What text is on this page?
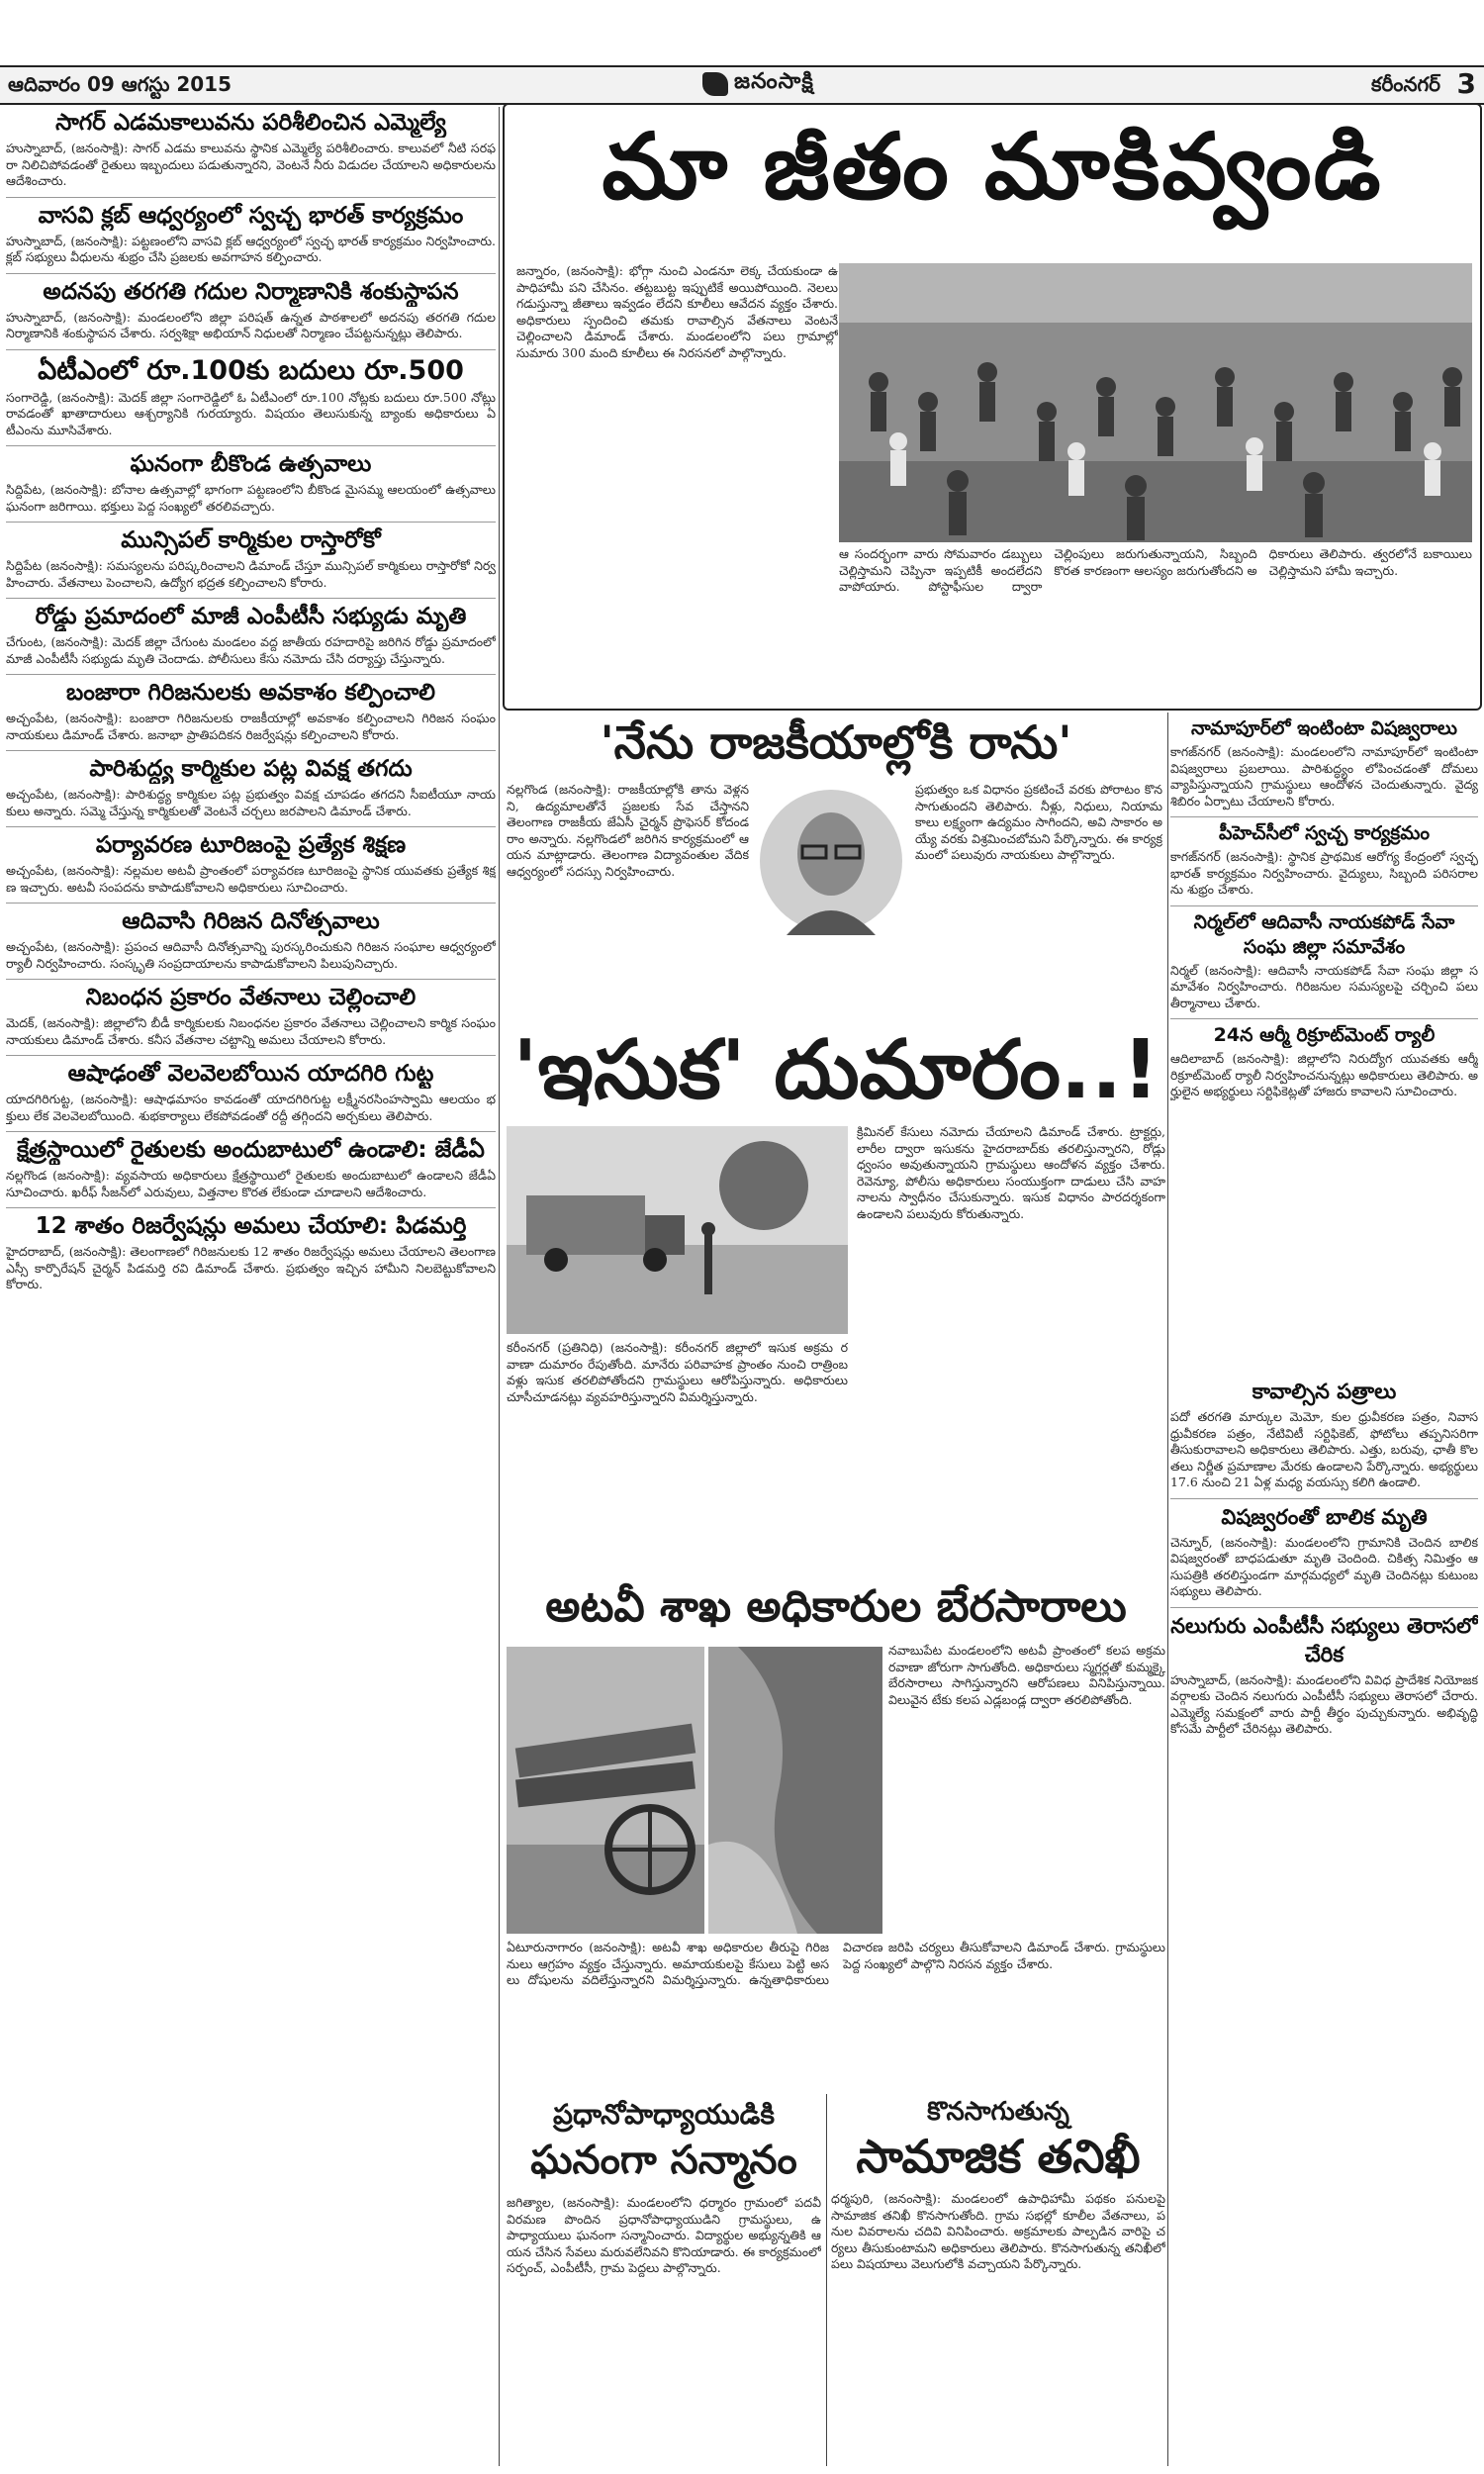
ఆదివారం 09 ఆగస్టు 2015	జనంసాక్షి	కరీంనగర్ 3
సాగర్ ఎడమకాలువను పరిశీలించిన ఎమ్మెల్యే

హుస్నాబాద్, (జనంసాక్షి): సాగర్ ఎడమ కాలువను స్థానిక ఎమ్మెల్యే పరిశీలించారు. కాలువలో నీటి సరఫరా నిలిచిపోవడంతో రైతులు ఇబ్బందులు పడుతున్నారని, వెంటనే నీరు విడుదల చేయాలని అధికారులను ఆదేశించారు.

వాసవి క్లబ్ ఆధ్వర్యంలో స్వచ్ఛ భారత్ కార్యక్రమం

హుస్నాబాద్, (జనంసాక్షి): పట్టణంలోని వాసవి క్లబ్ ఆధ్వర్యంలో స్వచ్ఛ భారత్ కార్యక్రమం నిర్వహించారు. క్లబ్ సభ్యులు వీధులను శుభ్రం చేసి ప్రజలకు అవగాహన కల్పించారు.

అదనపు తరగతి గదుల నిర్మాణానికి శంకుస్థాపన

హుస్నాబాద్, (జనంసాక్షి): మండలంలోని జిల్లా పరిషత్ ఉన్నత పాఠశాలలో అదనపు తరగతి గదుల నిర్మాణానికి శంకుస్థాపన చేశారు. సర్వశిక్షా అభియాన్ నిధులతో నిర్మాణం చేపట్టనున్నట్లు తెలిపారు.

ఏటీఎంలో రూ.100కు బదులు రూ.500

సంగారెడ్డి, (జనంసాక్షి): మెదక్ జిల్లా సంగారెడ్డిలో ఓ ఏటీఎంలో రూ.100 నోట్లకు బదులు రూ.500 నోట్లు రావడంతో ఖాతాదారులు ఆశ్చర్యానికి గురయ్యారు. విషయం తెలుసుకున్న బ్యాంకు అధికారులు ఏటీఎంను మూసివేశారు.

ఘనంగా బీకొండ ఉత్సవాలు

సిద్దిపేట, (జనంసాక్షి): బోనాల ఉత్సవాల్లో భాగంగా పట్టణంలోని బీకొండ మైసమ్మ ఆలయంలో ఉత్సవాలు ఘనంగా జరిగాయి. భక్తులు పెద్ద సంఖ్యలో తరలివచ్చారు.

మున్సిపల్ కార్మికుల రాస్తారోకో

సిద్దిపేట (జనంసాక్షి): సమస్యలను పరిష్కరించాలని డిమాండ్ చేస్తూ మున్సిపల్ కార్మికులు రాస్తారోకో నిర్వహించారు. వేతనాలు పెంచాలని, ఉద్యోగ భద్రత కల్పించాలని కోరారు.

రోడ్డు ప్రమాదంలో మాజీ ఎంపీటీసీ సభ్యుడు మృతి

చేగుంట, (జనంసాక్షి): మెదక్ జిల్లా చేగుంట మండలం వద్ద జాతీయ రహదారిపై జరిగిన రోడ్డు ప్రమాదంలో మాజీ ఎంపీటీసీ సభ్యుడు మృతి చెందాడు. పోలీసులు కేసు నమోదు చేసి దర్యాప్తు చేస్తున్నారు.

బంజారా గిరిజనులకు అవకాశం కల్పించాలి

అచ్చంపేట, (జనంసాక్షి): బంజారా గిరిజనులకు రాజకీయాల్లో అవకాశం కల్పించాలని గిరిజన సంఘం నాయకులు డిమాండ్ చేశారు. జనాభా ప్రాతిపదికన రిజర్వేషన్లు కల్పించాలని కోరారు.

పారిశుద్ధ్య కార్మికుల పట్ల వివక్ష తగదు

అచ్చంపేట, (జనంసాక్షి): పారిశుద్ధ్య కార్మికుల పట్ల ప్రభుత్వం వివక్ష చూపడం తగదని సీఐటీయూ నాయకులు అన్నారు. సమ్మె చేస్తున్న కార్మికులతో వెంటనే చర్చలు జరపాలని డిమాండ్ చేశారు.

పర్యావరణ టూరిజంపై ప్రత్యేక శిక్షణ

అచ్చంపేట, (జనంసాక్షి): నల్లమల అటవీ ప్రాంతంలో పర్యావరణ టూరిజంపై స్థానిక యువతకు ప్రత్యేక శిక్షణ ఇచ్చారు. అటవీ సంపదను కాపాడుకోవాలని అధికారులు సూచించారు.

ఆదివాసి గిరిజన దినోత్సవాలు

అచ్చంపేట, (జనంసాక్షి): ప్రపంచ ఆదివాసీ దినోత్సవాన్ని పురస్కరించుకుని గిరిజన సంఘాల ఆధ్వర్యంలో ర్యాలీ నిర్వహించారు. సంస్కృతి సంప్రదాయాలను కాపాడుకోవాలని పిలుపునిచ్చారు.

నిబంధన ప్రకారం వేతనాలు చెల్లించాలి

మెదక్, (జనంసాక్షి): జిల్లాలోని బీడీ కార్మికులకు నిబంధనల ప్రకారం వేతనాలు చెల్లించాలని కార్మిక సంఘం నాయకులు డిమాండ్ చేశారు. కనీస వేతనాల చట్టాన్ని అమలు చేయాలని కోరారు.

ఆషాఢంతో వెలవెలబోయిన యాదగిరి గుట్ట

యాదగిరిగుట్ట, (జనంసాక్షి): ఆషాఢమాసం కావడంతో యాదగిరిగుట్ట లక్ష్మీనరసింహస్వామి ఆలయం భక్తులు లేక వెలవెలబోయింది. శుభకార్యాలు లేకపోవడంతో రద్దీ తగ్గిందని అర్చకులు తెలిపారు.

క్షేత్రస్థాయిలో రైతులకు అందుబాటులో ఉండాలి: జేడీఏ

నల్లగొండ (జనంసాక్షి): వ్యవసాయ అధికారులు క్షేత్రస్థాయిలో రైతులకు అందుబాటులో ఉండాలని జేడీఏ సూచించారు. ఖరీఫ్ సీజన్‌లో ఎరువులు, విత్తనాల కొరత లేకుండా చూడాలని ఆదేశించారు.

12 శాతం రిజర్వేషన్లు అమలు చేయాలి: పిడమర్తి

హైదరాబాద్, (జనంసాక్షి): తెలంగాణలో గిరిజనులకు 12 శాతం రిజర్వేషన్లు అమలు చేయాలని తెలంగాణ ఎస్సీ కార్పొరేషన్ చైర్మన్ పిడమర్తి రవి డిమాండ్ చేశారు. ప్రభుత్వం ఇచ్చిన హామీని నిలబెట్టుకోవాలని కోరారు.

మా జీతం మాకివ్వండి

జన్నారం, (జనంసాక్షి): భోగ్గా నుంచి ఎండనూ లెక్క చేయకుండా ఉపాధిహామీ పని చేసినం. తట్టబుట్ట ఇప్పుటికే అయిపోయింది. నెలలు గడుస్తున్నా జీతాలు ఇవ్వడం లేదని కూలీలు ఆవేదన వ్యక్తం చేశారు. అధికారులు స్పందించి తమకు రావాల్సిన వేతనాలు వెంటనే చెల్లించాలని డిమాండ్ చేశారు. మండలంలోని పలు గ్రామాల్లో సుమారు 300 మంది కూలీలు ఈ నిరసనలో పాల్గొన్నారు.

ఆ సందర్భంగా వారు సోమవారం డబ్బులు చెల్లిస్తామని చెప్పినా ఇప్పటికీ అందలేదని వాపోయారు. పోస్టాఫీసుల ద్వారా చెల్లింపులు జరుగుతున్నాయని, సిబ్బంది కొరత కారణంగా ఆలస్యం జరుగుతోందని అధికారులు తెలిపారు. త్వరలోనే బకాయిలు చెల్లిస్తామని హామీ ఇచ్చారు.

'నేను రాజకీయాల్లోకి రాను'

నల్లగొండ (జనంసాక్షి): రాజకీయాల్లోకి తాను వెళ్లనని, ఉద్యమాలతోనే ప్రజలకు సేవ చేస్తానని తెలంగాణ రాజకీయ జేఏసీ చైర్మన్ ప్రొఫెసర్ కోదండరాం అన్నారు. నల్లగొండలో జరిగిన కార్యక్రమంలో ఆయన మాట్లాడారు. తెలంగాణ విద్యావంతుల వేదిక ఆధ్వర్యంలో సదస్సు నిర్వహించారు.

ప్రభుత్వం ఒక విధానం ప్రకటించే వరకు పోరాటం కొనసాగుతుందని తెలిపారు. నీళ్లు, నిధులు, నియామకాలు లక్ష్యంగా ఉద్యమం సాగిందని, అవి సాకారం అయ్యే వరకు విశ్రమించబోమని పేర్కొన్నారు. ఈ కార్యక్రమంలో పలువురు నాయకులు పాల్గొన్నారు.

'ఇసుక' దుమారం..!

కరీంనగర్ (ప్రతినిధి) (జనంసాక్షి): కరీంనగర్ జిల్లాలో ఇసుక అక్రమ రవాణా దుమారం రేపుతోంది. మానేరు పరివాహక ప్రాంతం నుంచి రాత్రింబవళ్లు ఇసుక తరలిపోతోందని గ్రామస్థులు ఆరోపిస్తున్నారు. అధికారులు చూసీచూడనట్లు వ్యవహరిస్తున్నారని విమర్శిస్తున్నారు.

క్రిమినల్ కేసులు నమోదు చేయాలని డిమాండ్ చేశారు. ట్రాక్టర్లు, లారీల ద్వారా ఇసుకను హైదరాబాద్‌కు తరలిస్తున్నారని, రోడ్లు ధ్వంసం అవుతున్నాయని గ్రామస్థులు ఆందోళన వ్యక్తం చేశారు. రెవెన్యూ, పోలీసు అధికారులు సంయుక్తంగా దాడులు చేసి వాహనాలను స్వాధీనం చేసుకున్నారు. ఇసుక విధానం పారదర్శకంగా ఉండాలని పలువురు కోరుతున్నారు.

అటవీ శాఖ అధికారుల బేరసారాలు

నవాబుపేట మండలంలోని అటవీ ప్రాంతంలో కలప అక్రమ రవాణా జోరుగా సాగుతోంది. అధికారులు స్మగ్లర్లతో కుమ్మక్కై బేరసారాలు సాగిస్తున్నారని ఆరోపణలు వినిపిస్తున్నాయి. విలువైన టేకు కలప ఎడ్లబండ్ల ద్వారా తరలిపోతోంది.

ఏటూరునాగారం (జనంసాక్షి): అటవీ శాఖ అధికారుల తీరుపై గిరిజనులు ఆగ్రహం వ్యక్తం చేస్తున్నారు. అమాయకులపై కేసులు పెట్టి అసలు దోషులను వదిలేస్తున్నారని విమర్శిస్తున్నారు. ఉన్నతాధికారులు విచారణ జరిపి చర్యలు తీసుకోవాలని డిమాండ్ చేశారు. గ్రామస్థులు పెద్ద సంఖ్యలో పాల్గొని నిరసన వ్యక్తం చేశారు.

ప్రధానోపాధ్యాయుడికి
ఘనంగా సన్మానం

జగిత్యాల, (జనంసాక్షి): మండలంలోని ధర్మారం గ్రామంలో పదవీ విరమణ పొందిన ప్రధానోపాధ్యాయుడిని గ్రామస్థులు, ఉపాధ్యాయులు ఘనంగా సన్మానించారు. విద్యార్థుల అభ్యున్నతికి ఆయన చేసిన సేవలు మరువలేనివని కొనియాడారు. ఈ కార్యక్రమంలో సర్పంచ్, ఎంపీటీసీ, గ్రామ పెద్దలు పాల్గొన్నారు.

కొనసాగుతున్న
సామాజిక తనిఖీ

ధర్మపురి, (జనంసాక్షి): మండలంలో ఉపాధిహామీ పథకం పనులపై సామాజిక తనిఖీ కొనసాగుతోంది. గ్రామ సభల్లో కూలీల వేతనాలు, పనుల వివరాలను చదివి వినిపించారు. అక్రమాలకు పాల్పడిన వారిపై చర్యలు తీసుకుంటామని అధికారులు తెలిపారు. కొనసాగుతున్న తనిఖీలో పలు విషయాలు వెలుగులోకి వచ్చాయని పేర్కొన్నారు.

నామాపూర్‌లో ఇంటింటా విషజ్వరాలు

కాగజ్‌నగర్ (జనంసాక్షి): మండలంలోని నామాపూర్‌లో ఇంటింటా విషజ్వరాలు ప్రబలాయి. పారిశుద్ధ్యం లోపించడంతో దోమలు వ్యాపిస్తున్నాయని గ్రామస్థులు ఆందోళన చెందుతున్నారు. వైద్య శిబిరం ఏర్పాటు చేయాలని కోరారు.

పీహెచ్‌సీలో స్వచ్ఛ కార్యక్రమం

కాగజ్‌నగర్ (జనంసాక్షి): స్థానిక ప్రాథమిక ఆరోగ్య కేంద్రంలో స్వచ్ఛ భారత్ కార్యక్రమం నిర్వహించారు. వైద్యులు, సిబ్బంది పరిసరాలను శుభ్రం చేశారు.

నిర్మల్‌లో ఆదివాసీ నాయకపోడ్ సేవా సంఘ జిల్లా సమావేశం

నిర్మల్ (జనంసాక్షి): ఆదివాసీ నాయకపోడ్ సేవా సంఘ జిల్లా సమావేశం నిర్వహించారు. గిరిజనుల సమస్యలపై చర్చించి పలు తీర్మానాలు చేశారు.

24న ఆర్మీ రిక్రూట్‌మెంట్ ర్యాలీ

ఆదిలాబాద్ (జనంసాక్షి): జిల్లాలోని నిరుద్యోగ యువతకు ఆర్మీ రిక్రూట్‌మెంట్ ర్యాలీ నిర్వహించనున్నట్లు అధికారులు తెలిపారు. అర్హులైన అభ్యర్థులు సర్టిఫికెట్లతో హాజరు కావాలని సూచించారు.

కావాల్సిన పత్రాలు

పదో తరగతి మార్కుల మెమో, కుల ధ్రువీకరణ పత్రం, నివాస ధ్రువీకరణ పత్రం, నేటివిటీ సర్టిఫికెట్, ఫోటోలు తప్పనిసరిగా తీసుకురావాలని అధికారులు తెలిపారు. ఎత్తు, బరువు, ఛాతీ కొలతలు నిర్ణీత ప్రమాణాల మేరకు ఉండాలని పేర్కొన్నారు. అభ్యర్థులు 17.6 నుంచి 21 ఏళ్ల మధ్య వయస్సు కలిగి ఉండాలి.

విషజ్వరంతో బాలిక మృతి

చెన్నూర్, (జనంసాక్షి): మండలంలోని గ్రామానికి చెందిన బాలిక విషజ్వరంతో బాధపడుతూ మృతి చెందింది. చికిత్స నిమిత్తం ఆసుపత్రికి తరలిస్తుండగా మార్గమధ్యలో మృతి చెందినట్లు కుటుంబసభ్యులు తెలిపారు.

నలుగురు ఎంపీటీసీ సభ్యులు తెరాసలో చేరిక

హుస్నాబాద్, (జనంసాక్షి): మండలంలోని వివిధ ప్రాదేశిక నియోజకవర్గాలకు చెందిన నలుగురు ఎంపీటీసీ సభ్యులు తెరాసలో చేరారు. ఎమ్మెల్యే సమక్షంలో వారు పార్టీ తీర్థం పుచ్చుకున్నారు. అభివృద్ధి కోసమే పార్టీలో చేరినట్లు తెలిపారు.
